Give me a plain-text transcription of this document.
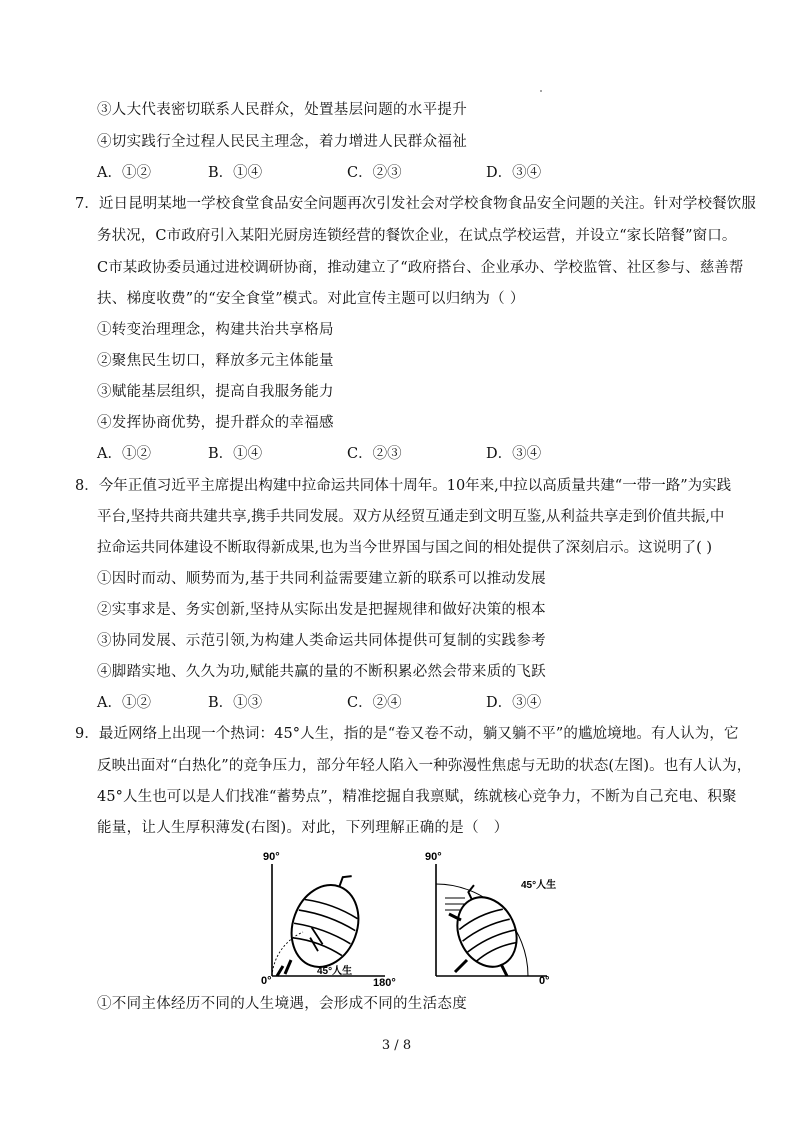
③人大代表密切联系人民群众，处置基层问题的水平提升
④切实践行全过程人民民主理念，着力增进人民群众福祉
A．①②	B．①④	C．②③	D．③④
7．近日昆明某地一学校食堂食品安全问题再次引发社会对学校食物食品安全问题的关注。针对学校餐饮服
务状况，C市政府引入某阳光厨房连锁经营的餐饮企业，在试点学校运营，并设立“家长陪餐”窗口。
C市某政协委员通过进校调研协商，推动建立了“政府搭台、企业承办、学校监管、社区参与、慈善帮
扶、梯度收费”的“安全食堂”模式。对此宣传主题可以归纳为（ ）
①转变治理理念，构建共治共享格局
②聚焦民生切口，释放多元主体能量
③赋能基层组织，提高自我服务能力
④发挥协商优势，提升群众的幸福感
A．①②	B．①④	C．②③	D．③④
8．今年正值习近平主席提出构建中拉命运共同体十周年。10年来,中拉以高质量共建“一带一路”为实践
平台,坚持共商共建共享,携手共同发展。双方从经贸互通走到文明互鉴,从利益共享走到价值共振,中
拉命运共同体建设不断取得新成果,也为当今世界国与国之间的相处提供了深刻启示。这说明了( )
①因时而动、顺势而为,基于共同利益需要建立新的联系可以推动发展
②实事求是、务实创新,坚持从实际出发是把握规律和做好决策的根本
③协同发展、示范引领,为构建人类命运共同体提供可复制的实践参考
④脚踏实地、久久为功,赋能共赢的量的不断积累必然会带来质的飞跃
A．①②	B．①③	C．②④	D．③④
9．最近网络上出现一个热词：45°人生，指的是“卷又卷不动，躺又躺不平”的尴尬境地。有人认为，它
反映出面对“白热化”的竞争压力，部分年轻人陷入一种弥漫性焦虑与无助的状态(左图)。也有人认为，
45°人生也可以是人们找准“蓄势点”，精准挖掘自我禀赋，练就核心竞争力，不断为自己充电、积聚
能量，让人生厚积薄发(右图)。对此，下列理解正确的是（　）
90°
0°	180°
45°人生
90°
0°
45°人生
①不同主体经历不同的人生境遇，会形成不同的生活态度
3 / 8
